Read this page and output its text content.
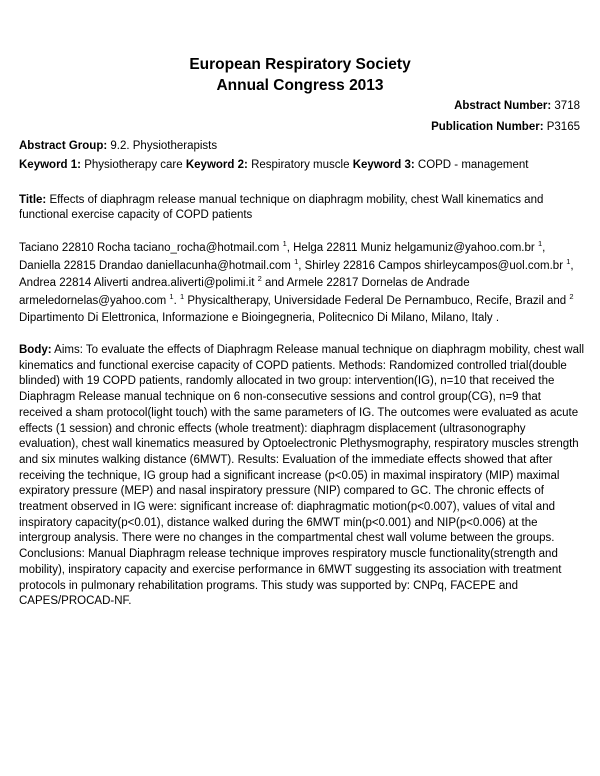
European Respiratory Society
Annual Congress 2013
Abstract Number: 3718
Publication Number: P3165
Abstract Group: 9.2. Physiotherapists
Keyword 1: Physiotherapy care Keyword 2: Respiratory muscle Keyword 3: COPD - management
Title: Effects of diaphragm release manual technique on diaphragm mobility, chest Wall kinematics and functional exercise capacity of COPD patients
Taciano 22810 Rocha taciano_rocha@hotmail.com $^1$, Helga 22811 Muniz helgamuniz@yahoo.com.br $^1$, Daniella 22815 Drandao daniellacunha@hotmail.com $^1$, Shirley 22816 Campos shirleycampos@uol.com.br $^1$, Andrea 22814 Aliverti andrea.aliverti@polimi.it $^2$ and Armele 22817 Dornelas de Andrade armeledornelas@yahoo.com $^1$. $^1$ Physicaltherapy, Universidade Federal De Pernambuco, Recife, Brazil and $^2$ Dipartimento Di Elettronica, Informazione e Bioingegneria, Politecnico Di Milano, Milano, Italy .
Body: Aims: To evaluate the effects of Diaphragm Release manual technique on diaphragm mobility, chest wall kinematics and functional exercise capacity of COPD patients. Methods: Randomized controlled trial(double blinded) with 19 COPD patients, randomly allocated in two group: intervention(IG), n=10 that received the Diaphragm Release manual technique on 6 non-consecutive sessions and control group(CG), n=9 that received a sham protocol(light touch) with the same parameters of IG. The outcomes were evaluated as acute effects (1 session) and chronic effects (whole treatment): diaphragm displacement (ultrasonography evaluation), chest wall kinematics measured by Optoelectronic Plethysmography, respiratory muscles strength and six minutes walking distance (6MWT). Results: Evaluation of the immediate effects showed that after receiving the technique, IG group had a significant increase (p<0.05) in maximal inspiratory (MIP) maximal expiratory pressure (MEP) and nasal inspiratory pressure (NIP) compared to GC. The chronic effects of treatment observed in IG were: significant increase of: diaphragmatic motion(p<0.007), values of vital and inspiratory capacity(p<0.01), distance walked during the 6MWT min(p<0.001) and NIP(p<0.006) at the intergroup analysis. There were no changes in the compartmental chest wall volume between the groups. Conclusions: Manual Diaphragm release technique improves respiratory muscle functionality(strength and mobility), inspiratory capacity and exercise performance in 6MWT suggesting its association with treatment protocols in pulmonary rehabilitation programs. This study was supported by: CNPq, FACEPE and CAPES/PROCAD-NF.
